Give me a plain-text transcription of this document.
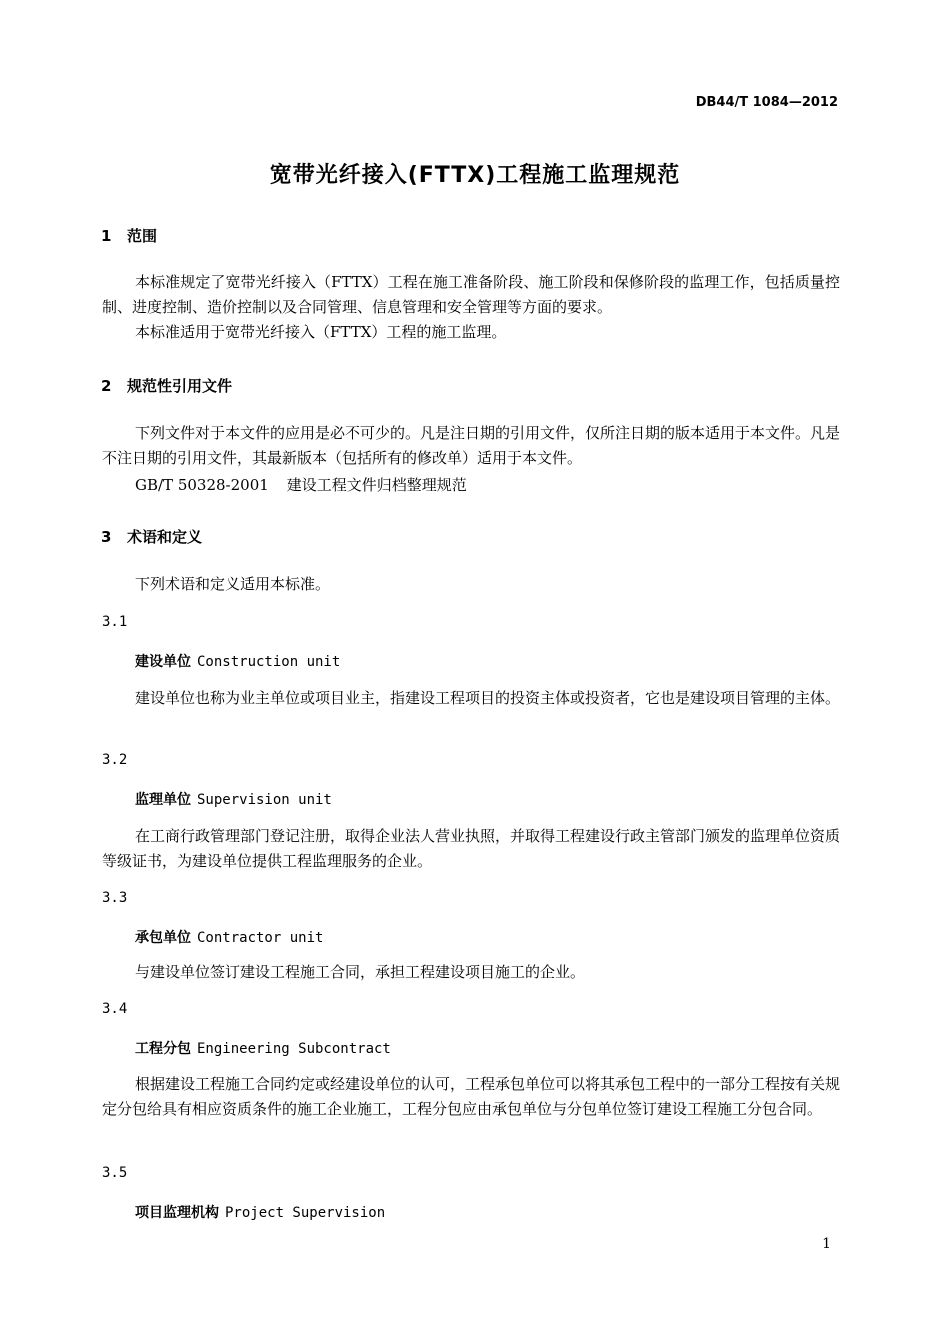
DB44/T 1084—2012
宽带光纤接入(FTTX)工程施工监理规范
1 范围
本标准规定了宽带光纤接入（FTTX）工程在施工准备阶段、施工阶段和保修阶段的监理工作，包括质量控制、进度控制、造价控制以及合同管理、信息管理和安全管理等方面的要求。
本标准适用于宽带光纤接入（FTTX）工程的施工监理。
2 规范性引用文件
下列文件对于本文件的应用是必不可少的。凡是注日期的引用文件，仅所注日期的版本适用于本文件。凡是不注日期的引用文件，其最新版本（包括所有的修改单）适用于本文件。
GB/T 50328-2001 建设工程文件归档整理规范
3 术语和定义
下列术语和定义适用本标准。
3.1
建设单位 Construction unit
建设单位也称为业主单位或项目业主，指建设工程项目的投资主体或投资者，它也是建设项目管理的主体。
3.2
监理单位 Supervision unit
在工商行政管理部门登记注册，取得企业法人营业执照，并取得工程建设行政主管部门颁发的监理单位资质等级证书，为建设单位提供工程监理服务的企业。
3.3
承包单位 Contractor unit
与建设单位签订建设工程施工合同，承担工程建设项目施工的企业。
3.4
工程分包 Engineering Subcontract
根据建设工程施工合同约定或经建设单位的认可，工程承包单位可以将其承包工程中的一部分工程按有关规定分包给具有相应资质条件的施工企业施工，工程分包应由承包单位与分包单位签订建设工程施工分包合同。
3.5
项目监理机构 Project Supervision
1
